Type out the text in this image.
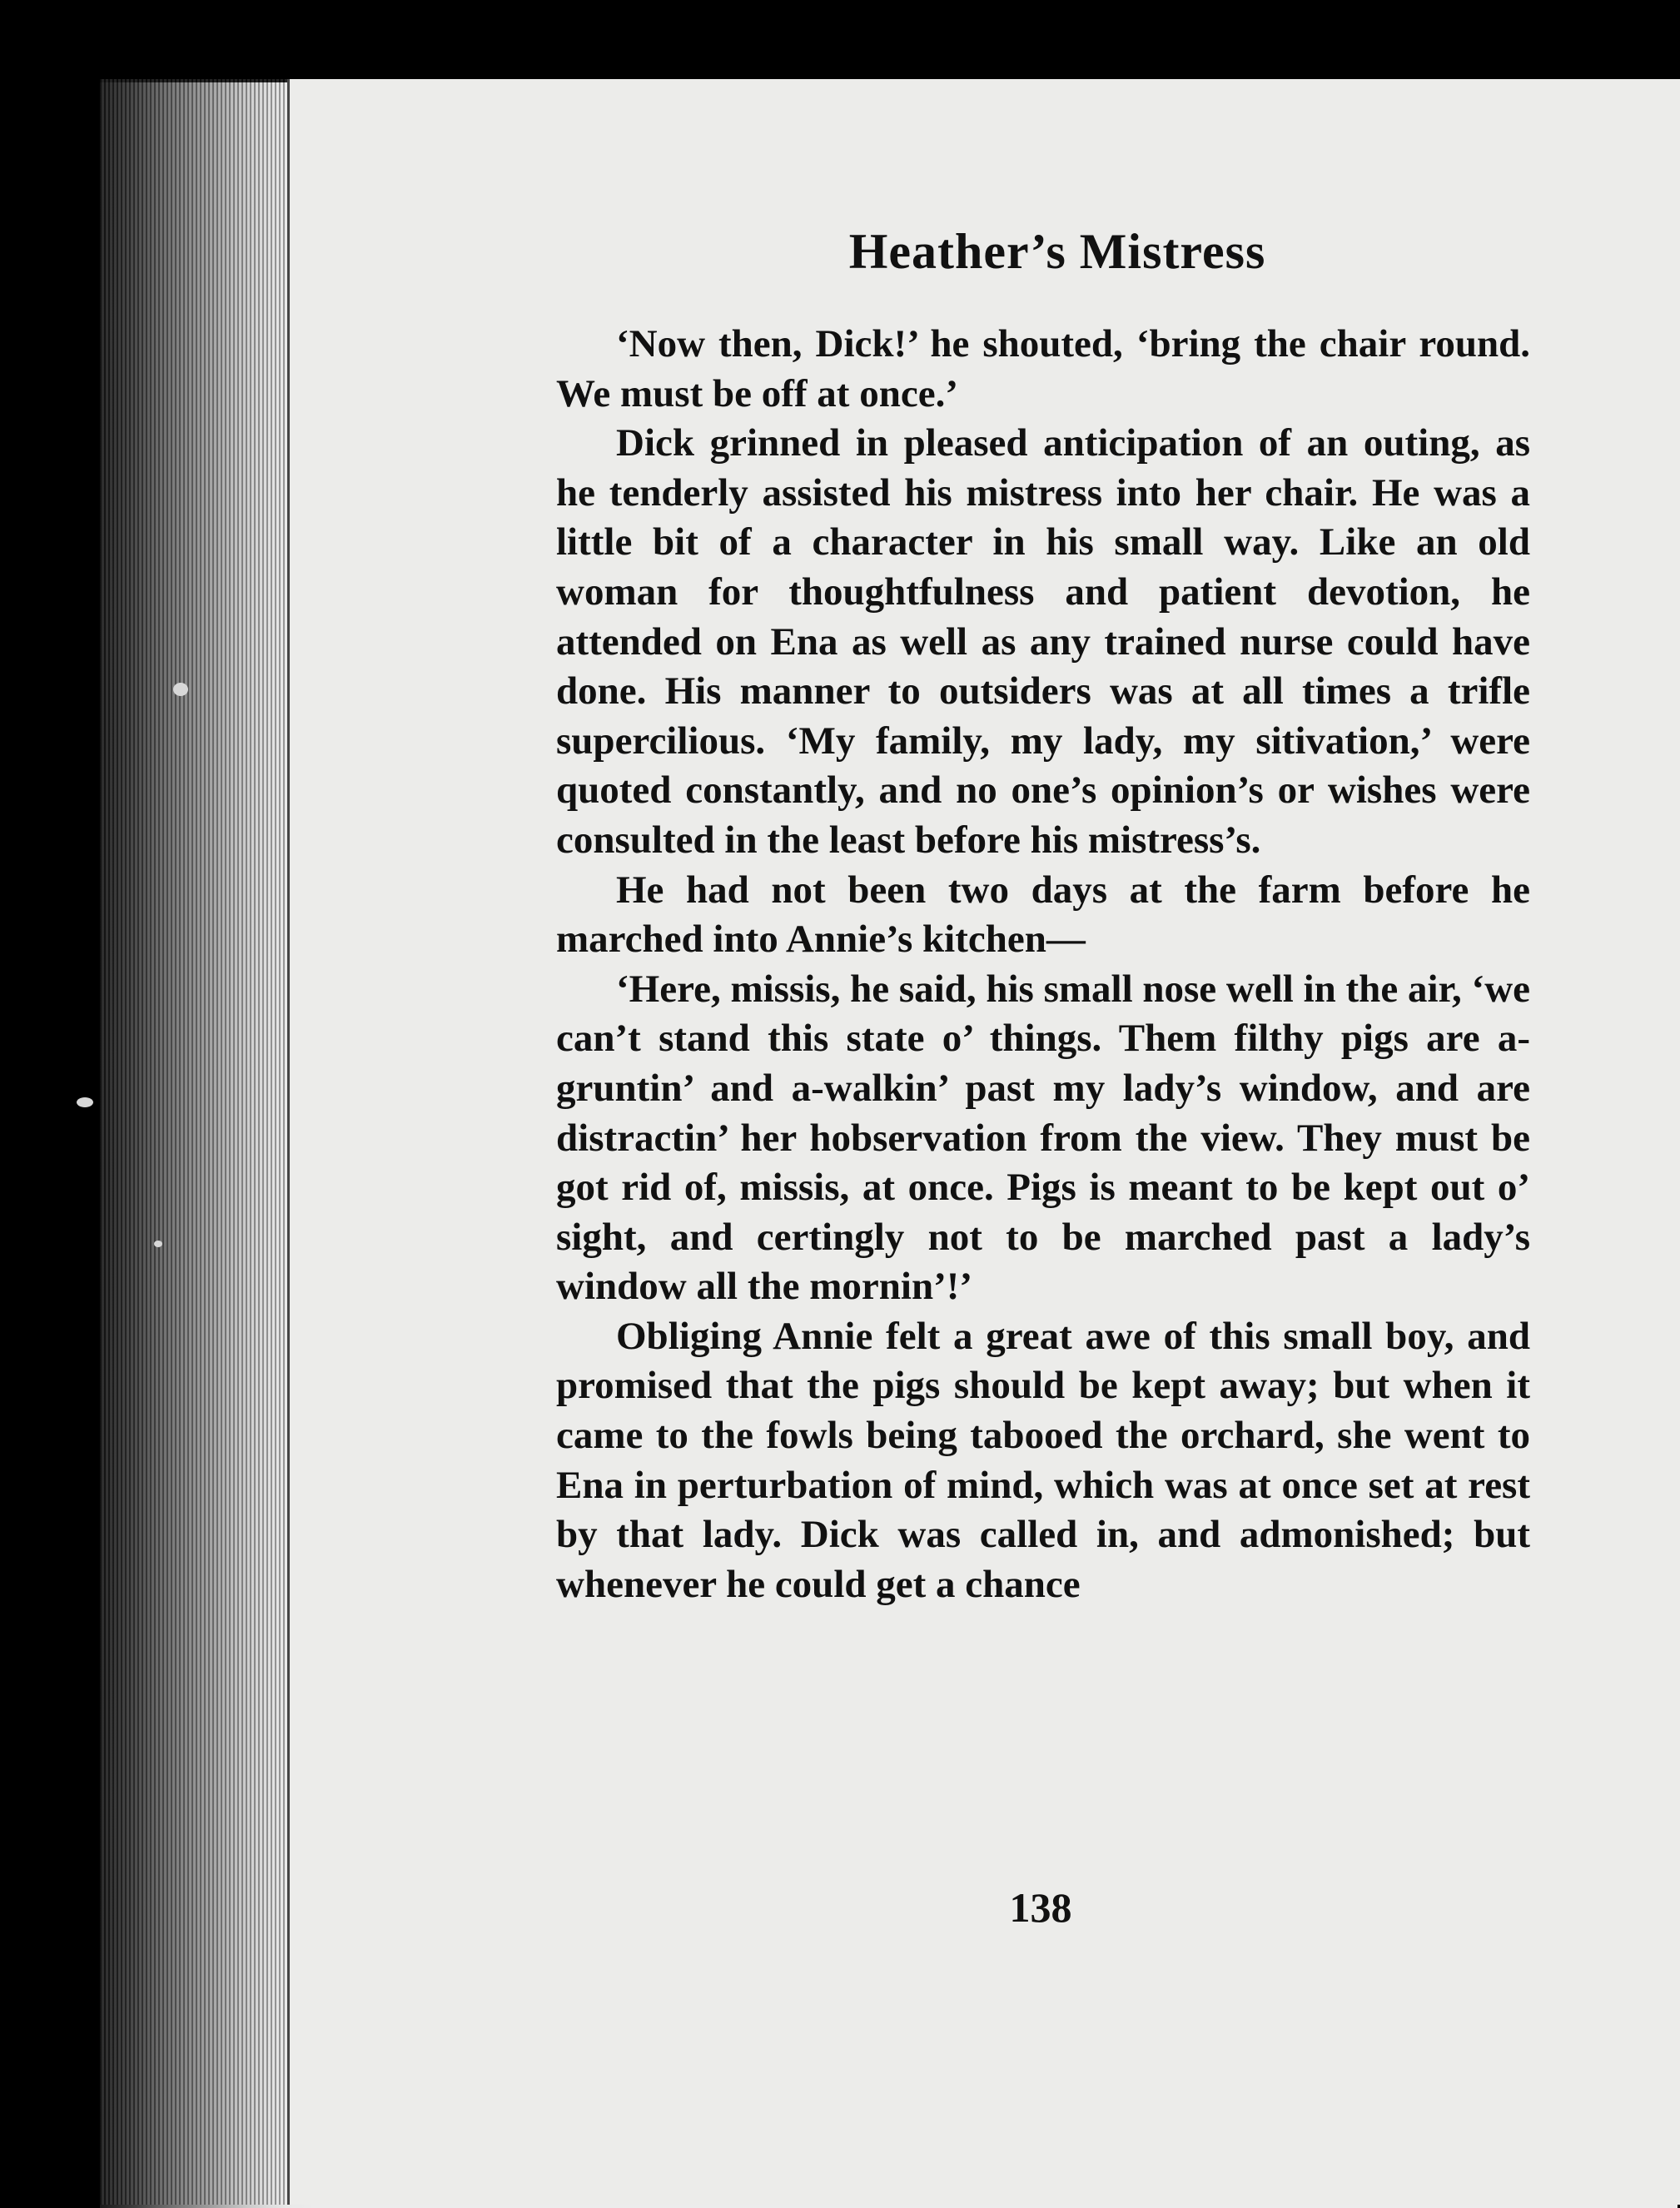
Heather’s Mistress

‘Now then, Dick!’ he shouted, ‘bring the chair round. We must be off at once.’

Dick grinned in pleased anticipation of an outing, as he tenderly assisted his mistress into her chair. He was a little bit of a character in his small way. Like an old woman for thoughtfulness and patient devotion, he attended on Ena as well as any trained nurse could have done. His manner to outsiders was at all times a trifle supercilious. ‘My family, my lady, my sitivation,’ were quoted constantly, and no one’s opinion’s or wishes were consulted in the least before his mistress’s.

He had not been two days at the farm before he marched into Annie’s kitchen—

‘Here, missis, he said, his small nose well in the air, ‘we can’t stand this state o’ things. Them filthy pigs are a-gruntin’ and a-walkin’ past my lady’s window, and are distractin’ her hobservation from the view. They must be got rid of, missis, at once. Pigs is meant to be kept out o’ sight, and certingly not to be marched past a lady’s window all the mornin’!’

Obliging Annie felt a great awe of this small boy, and promised that the pigs should be kept away; but when it came to the fowls being tabooed the orchard, she went to Ena in perturbation of mind, which was at once set at rest by that lady. Dick was called in, and admonished; but whenever he could get a chance

138
